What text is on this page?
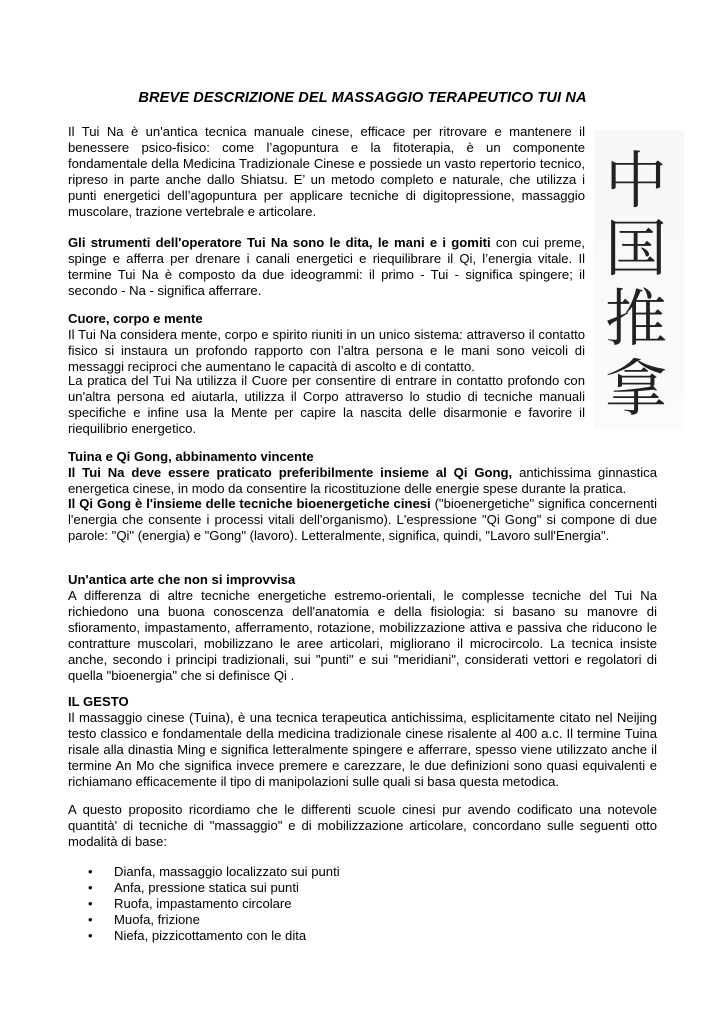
BREVE DESCRIZIONE DEL MASSAGGIO TERAPEUTICO TUI NA
中
国
推
拿

Il Tui Na è un'antica tecnica manuale cinese, efficace per ritrovare e mantenere il benessere psico-fisico: come l’agopuntura e la fitoterapia, è un componente fondamentale della Medicina Tradizionale Cinese e possiede un vasto repertorio tecnico, ripreso in parte anche dallo Shiatsu. E’ un metodo completo e naturale, che utilizza i punti energetici dell’agopuntura per applicare tecniche di digitopressione, massaggio muscolare, trazione vertebrale e articolare.

Gli strumenti dell'operatore Tui Na sono le dita, le mani e i gomiti con cui preme, spinge e afferra per drenare i canali energetici e riequilibrare il Qi, l’energia vitale. Il termine Tui Na è composto da due ideogrammi: il primo - Tui - significa spingere; il secondo - Na - significa afferrare.

Cuore, corpo e mente

Il Tui Na considera mente, corpo e spirito riuniti in un unico sistema: attraverso il contatto fisico si instaura un profondo rapporto con l’altra persona e le mani sono veicoli di messaggi reciproci che aumentano le capacità di ascolto e di contatto.

La pratica del Tui Na utilizza il Cuore per consentire di entrare in contatto profondo con un'altra persona ed aiutarla, utilizza il Corpo attraverso lo studio di tecniche manuali specifiche e infine usa la Mente per capire la nascita delle disarmonie e favorire il riequilibrio energetico.

Tuina e Qi Gong, abbinamento vincente

Il Tui Na deve essere praticato preferibilmente insieme al Qi Gong, antichissima ginnastica energetica cinese, in modo da consentire la ricostituzione delle energie spese durante la pratica.

Il Qi Gong è l'insieme delle tecniche bioenergetiche cinesi ("bioenergetiche" significa concernenti l'energia che consente i processi vitali dell'organismo). L'espressione "Qi Gong" si compone di due parole: "Qi" (energia) e "Gong" (lavoro). Letteralmente, significa, quindi, "Lavoro sull'Energia".

Un'antica arte che non si improvvisa

A differenza di altre tecniche energetiche estremo-orientali, le complesse tecniche del Tui Na richiedono una buona conoscenza dell'anatomia e della fisiologia: si basano su manovre di sfioramento, impastamento, afferramento, rotazione, mobilizzazione attiva e passiva che riducono le contratture muscolari, mobilizzano le aree articolari, migliorano il microcircolo. La tecnica insiste anche, secondo i principi tradizionali, sui "punti" e sui "meridiani", considerati vettori e regolatori di quella "bioenergia" che si definisce Qi .

IL GESTO

Il massaggio cinese (Tuina), è una tecnica terapeutica antichissima, esplicitamente citato nel Neijing testo classico e fondamentale della medicina tradizionale cinese risalente al 400 a.c. Il termine Tuina risale alla dinastia Ming e significa letteralmente spingere e afferrare, spesso viene utilizzato anche il termine An Mo che significa invece premere e carezzare, le due definizioni sono quasi equivalenti e richiamano efficacemente il tipo di manipolazioni sulle quali si basa questa metodica.

A questo proposito ricordiamo che le differenti scuole cinesi pur avendo codificato una notevole quantità' di tecniche di "massaggio" e di mobilizzazione articolare, concordano sulle seguenti otto modalità di base:

• Dianfa, massaggio localizzato sui punti
• Anfa, pressione statica sui punti
• Ruofa, impastamento circolare
• Muofa, frizione
• Niefa, pizzicottamento con le dita
